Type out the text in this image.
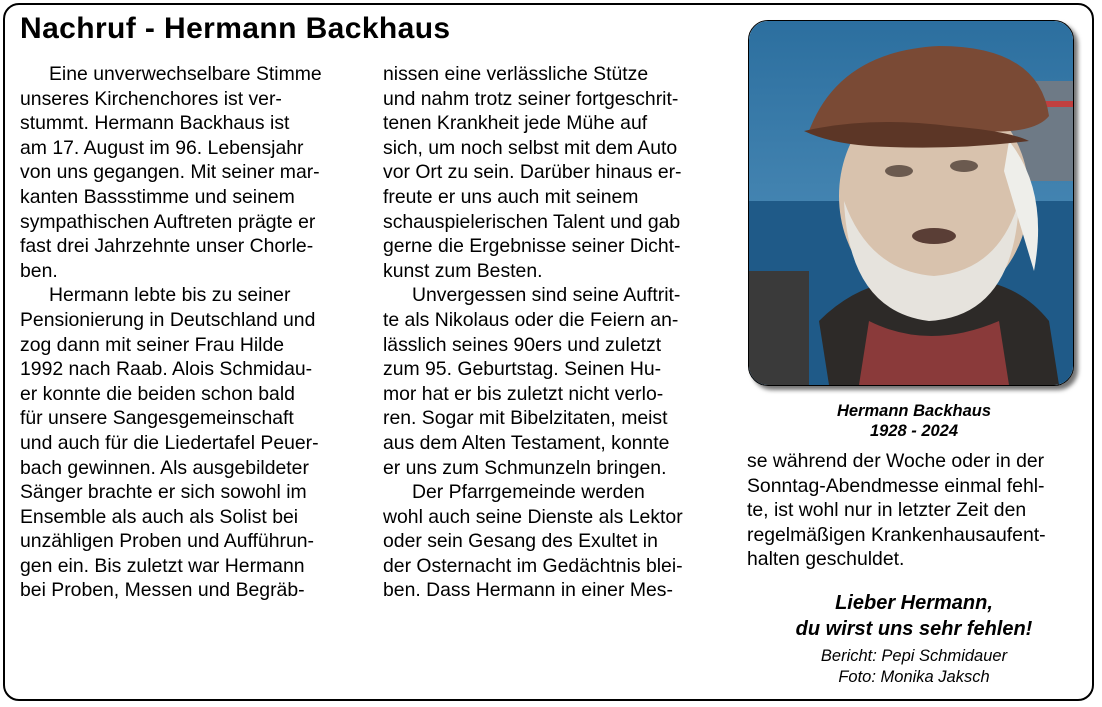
Nachruf - Hermann Backhaus
Eine unverwechselbare Stimme
unseres Kirchenchores ist ver-
stummt. Hermann Backhaus ist
am 17. August im 96. Lebensjahr
von uns gegangen. Mit seiner mar-
kanten Bassstimme und seinem
sympathischen Auftreten prägte er
fast drei Jahrzehnte unser Chorle-
ben.
Hermann lebte bis zu seiner
Pensionierung in Deutschland und
zog dann mit seiner Frau Hilde
1992 nach Raab. Alois Schmidau-
er konnte die beiden schon bald
für unsere Sangesgemeinschaft
und auch für die Liedertafel Peuer-
bach gewinnen. Als ausgebildeter
Sänger brachte er sich sowohl im
Ensemble als auch als Solist bei
unzähligen Proben und Aufführun-
gen ein. Bis zuletzt war Hermann
bei Proben, Messen und Begräb-
nissen eine verlässliche Stütze
und nahm trotz seiner fortgeschrit-
tenen Krankheit jede Mühe auf
sich, um noch selbst mit dem Auto
vor Ort zu sein. Darüber hinaus er-
freute er uns auch mit seinem
schauspielerischen Talent und gab
gerne die Ergebnisse seiner Dicht-
kunst zum Besten.
Unvergessen sind seine Auftrit-
te als Nikolaus oder die Feiern an-
lässlich seines 90ers und zuletzt
zum 95. Geburtstag. Seinen Hu-
mor hat er bis zuletzt nicht verlo-
ren. Sogar mit Bibelzitaten, meist
aus dem Alten Testament, konnte
er uns zum Schmunzeln bringen.
Der Pfarrgemeinde werden
wohl auch seine Dienste als Lektor
oder sein Gesang des Exultet in
der Osternacht im Gedächtnis blei-
ben. Dass Hermann in einer Mes-
Hermann Backhaus
1928 - 2024
se während der Woche oder in der
Sonntag-Abendmesse einmal fehl-
te, ist wohl nur in letzter Zeit den
regelmäßigen Krankenhausaufent-
halten geschuldet.
Lieber Hermann,
du wirst uns sehr fehlen!
Bericht: Pepi Schmidauer
Foto: Monika Jaksch
